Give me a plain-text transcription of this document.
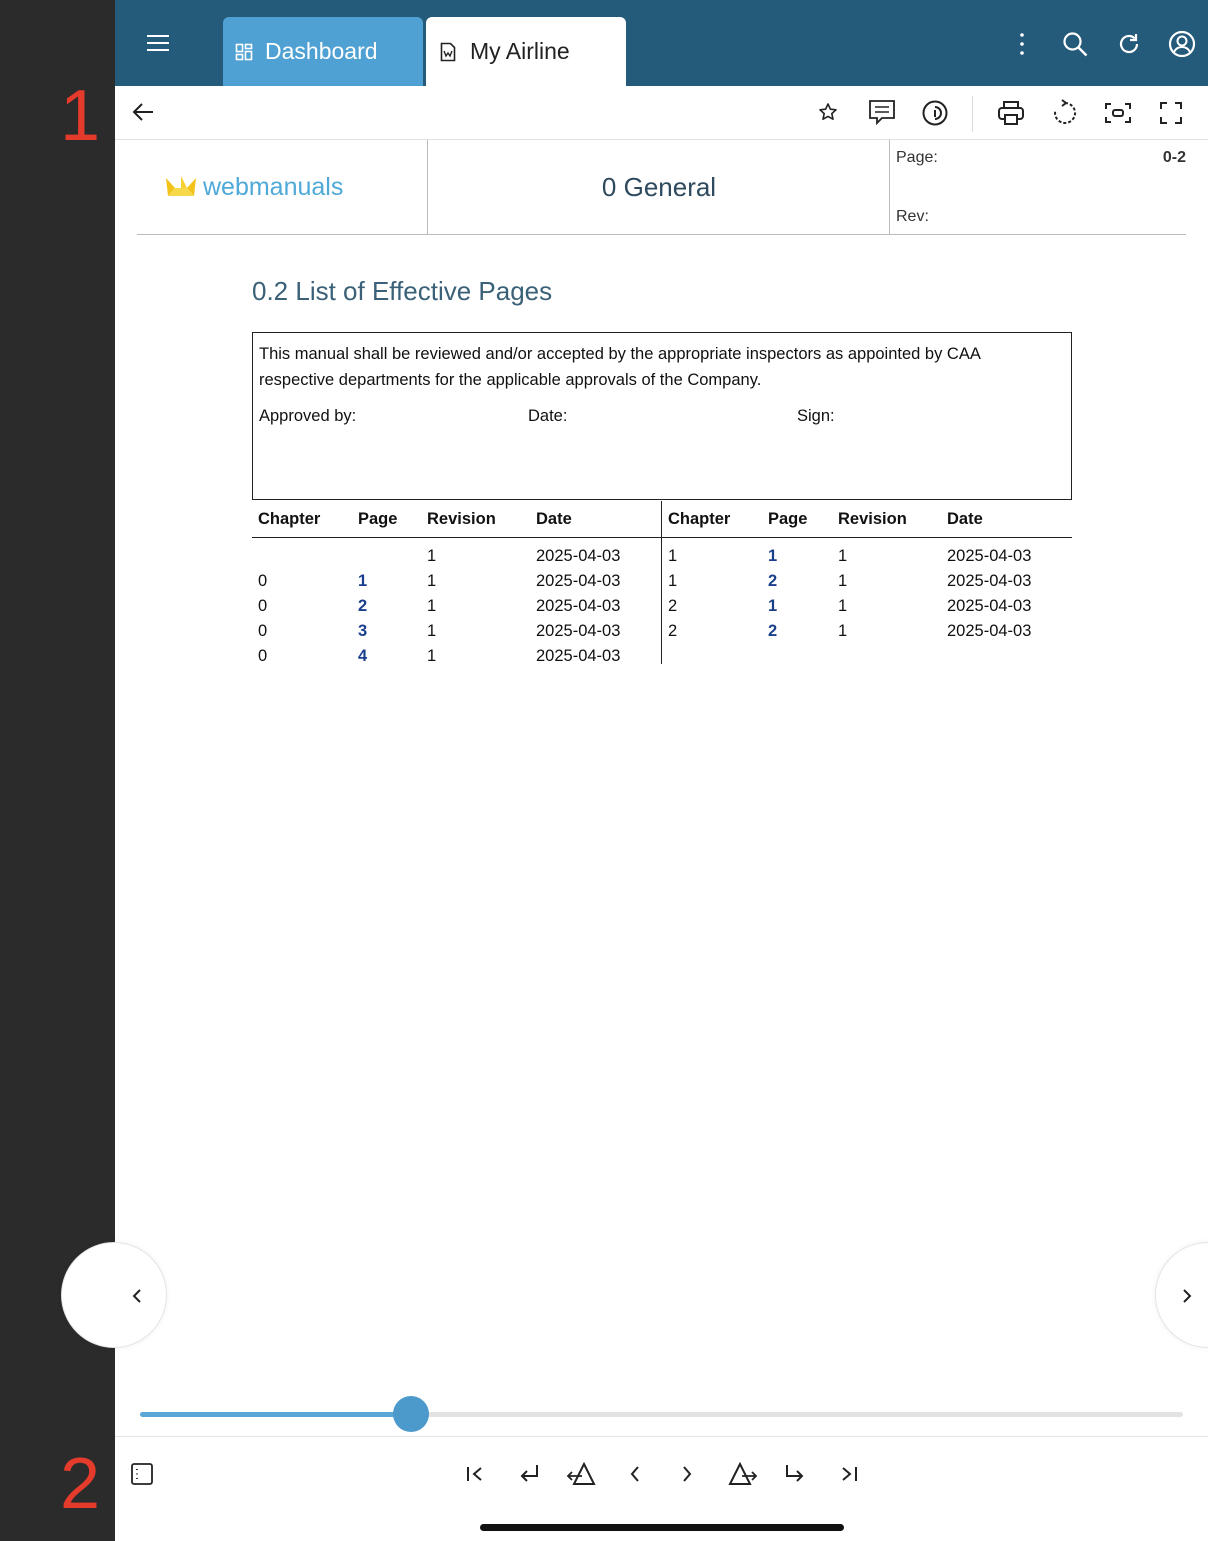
1
2
Dashboard	My Airline
webmanuals	0 General
Page:	0-2
Rev:
0.2 List of Effective Pages
This manual shall be reviewed and/or accepted by the appropriate inspectors as appointed by CAA
respective departments for the applicable approvals of the Company.
Approved by:	Date:	Sign:
Chapter	Page	Revision	Date
		1	2025-04-03
0	1	1	2025-04-03
0	2	1	2025-04-03
0	3	1	2025-04-03
0	4	1	2025-04-03
Chapter	Page	Revision	Date
1	1	1	2025-04-03
1	2	1	2025-04-03
2	1	1	2025-04-03
2	2	1	2025-04-03
